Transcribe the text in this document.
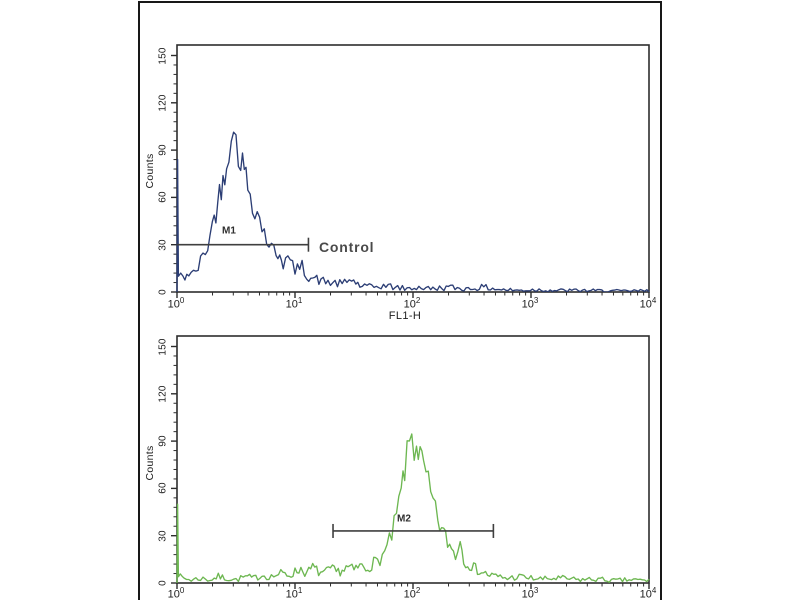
Counts
0
30
60
90
120
150
$10^0$	$10^1$	$10^2$	$10^3$	$10^4$
FL1-H
M1
Control
Counts
0
30
60
90
120
150
$10^0$	$10^1$	$10^2$	$10^3$	$10^4$
M2
